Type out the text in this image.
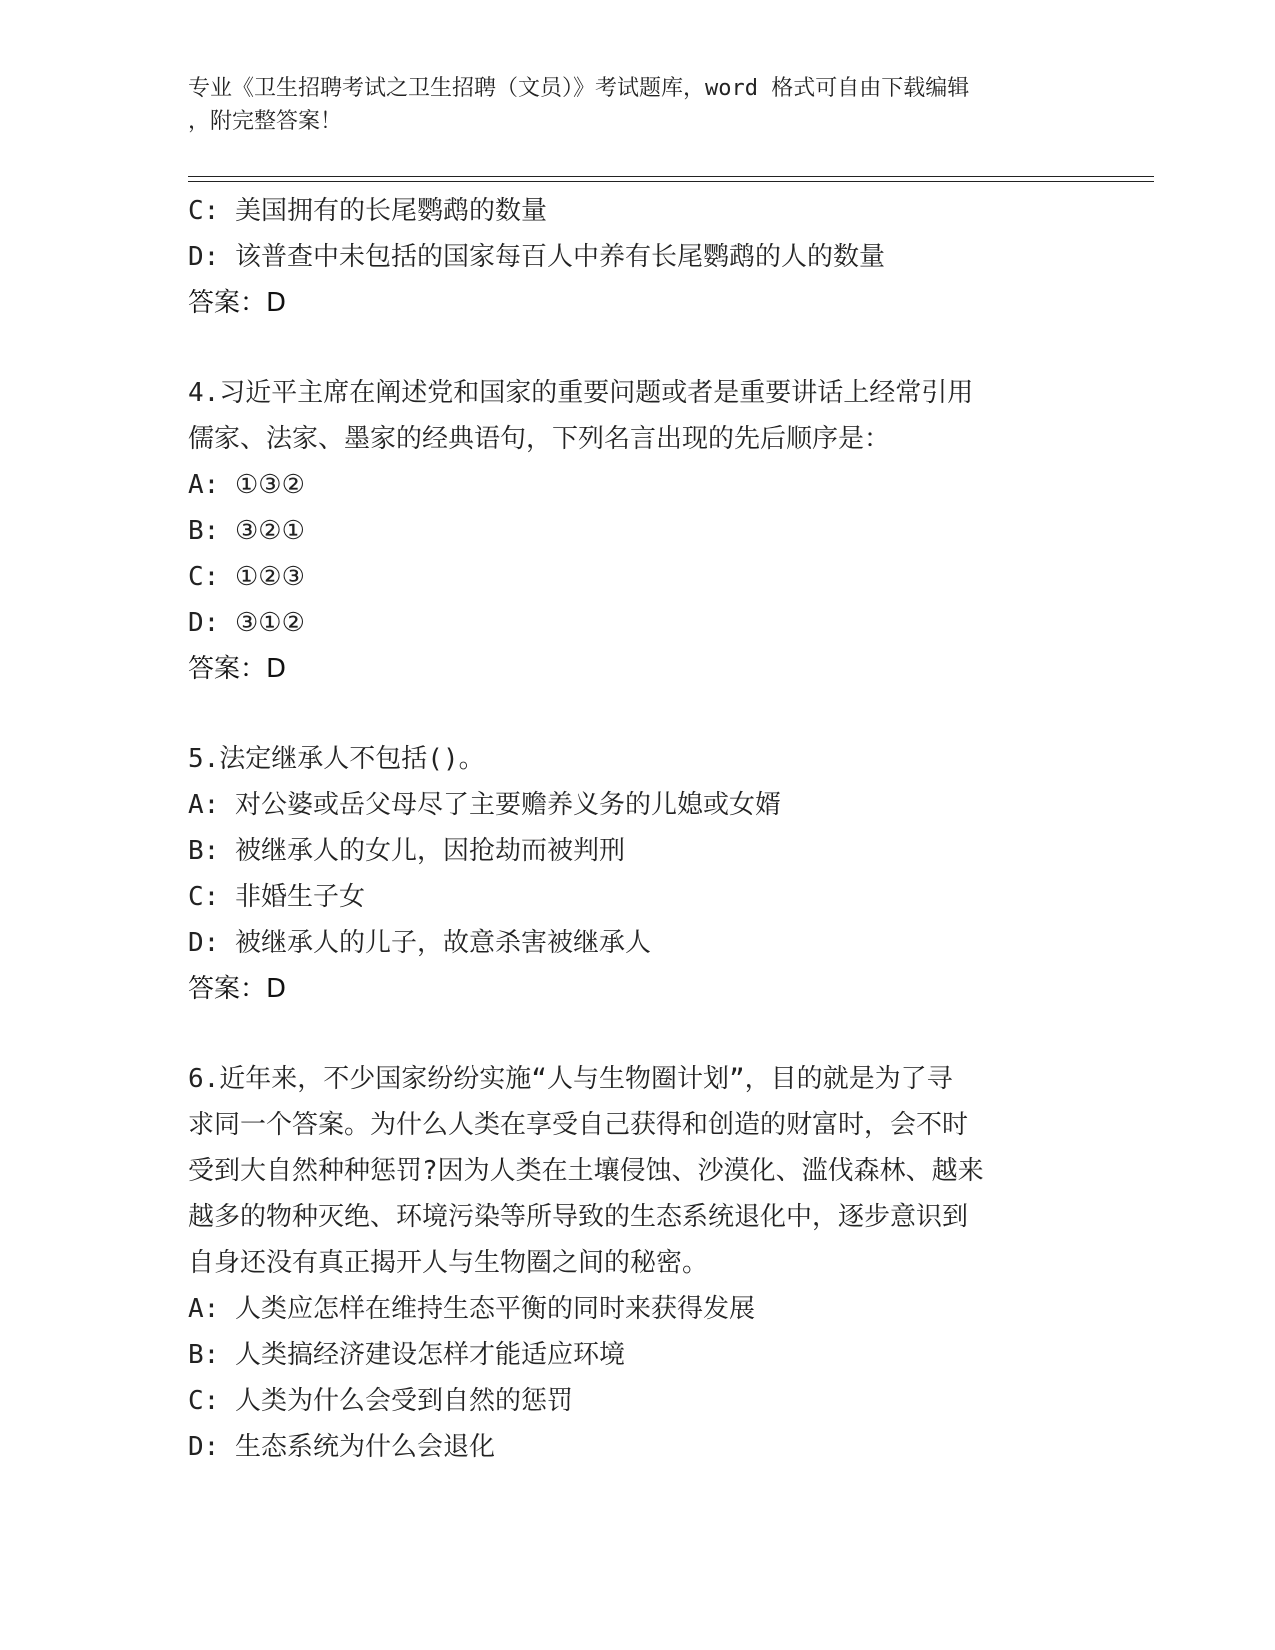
专业《卫生招聘考试之卫生招聘（文员）》考试题库，word 格式可自由下载编辑
，附完整答案！
C: 美国拥有的长尾鹦鹉的数量
D: 该普查中未包括的国家每百人中养有长尾鹦鹉的人的数量
答案：D
4.习近平主席在阐述党和国家的重要问题或者是重要讲话上经常引用
儒家、法家、墨家的经典语句，下列名言出现的先后顺序是：
A: ①③②
B: ③②①
C: ①②③
D: ③①②
答案：D
5.法定继承人不包括()。
A: 对公婆或岳父母尽了主要赡养义务的儿媳或女婿
B: 被继承人的女儿，因抢劫而被判刑
C: 非婚生子女
D: 被继承人的儿子，故意杀害被继承人
答案：D
6.近年来，不少国家纷纷实施“人与生物圈计划”，目的就是为了寻
求同一个答案。为什么人类在享受自己获得和创造的财富时，会不时
受到大自然种种惩罚?因为人类在土壤侵蚀、沙漠化、滥伐森林、越来
越多的物种灭绝、环境污染等所导致的生态系统退化中，逐步意识到
自身还没有真正揭开人与生物圈之间的秘密。
A: 人类应怎样在维持生态平衡的同时来获得发展
B: 人类搞经济建设怎样才能适应环境
C: 人类为什么会受到自然的惩罚
D: 生态系统为什么会退化
